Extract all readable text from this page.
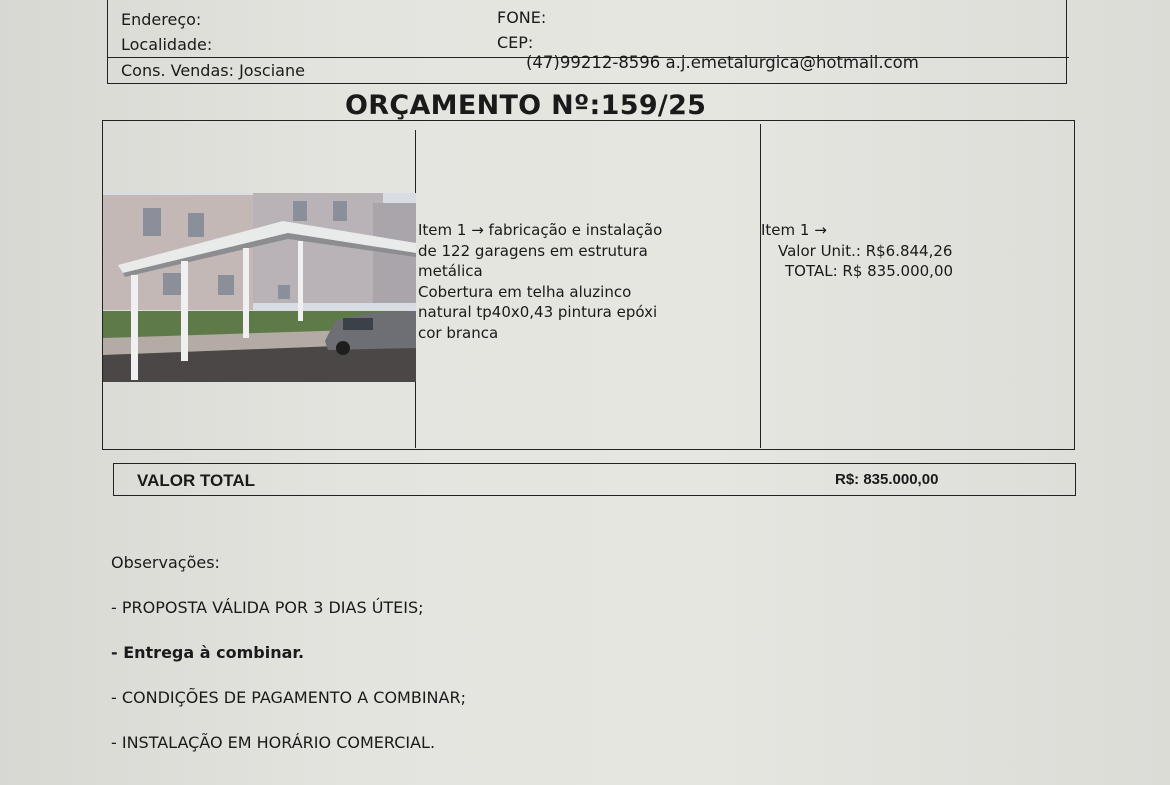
Endereço:
Localidade:
FONE:
CEP:
Cons. Vendas: Josciane	(47)99212-8596 a.j.emetalurgica@hotmail.com
ORÇAMENTO Nº:159/25
Item 1 → fabricação e instalação
de 122 garagens em estrutura
metálica
Cobertura em telha aluzinco
natural tp40x0,43 pintura epóxi
cor branca
Item 1 →
Valor Unit.: R$6.844,26
TOTAL: R$ 835.000,00
VALOR TOTAL	R$: 835.000,00
Observações:
- PROPOSTA VÁLIDA POR 3 DIAS ÚTEIS;
- Entrega à combinar.
- CONDIÇÕES DE PAGAMENTO A COMBINAR;
- INSTALAÇÃO EM HORÁRIO COMERCIAL.
